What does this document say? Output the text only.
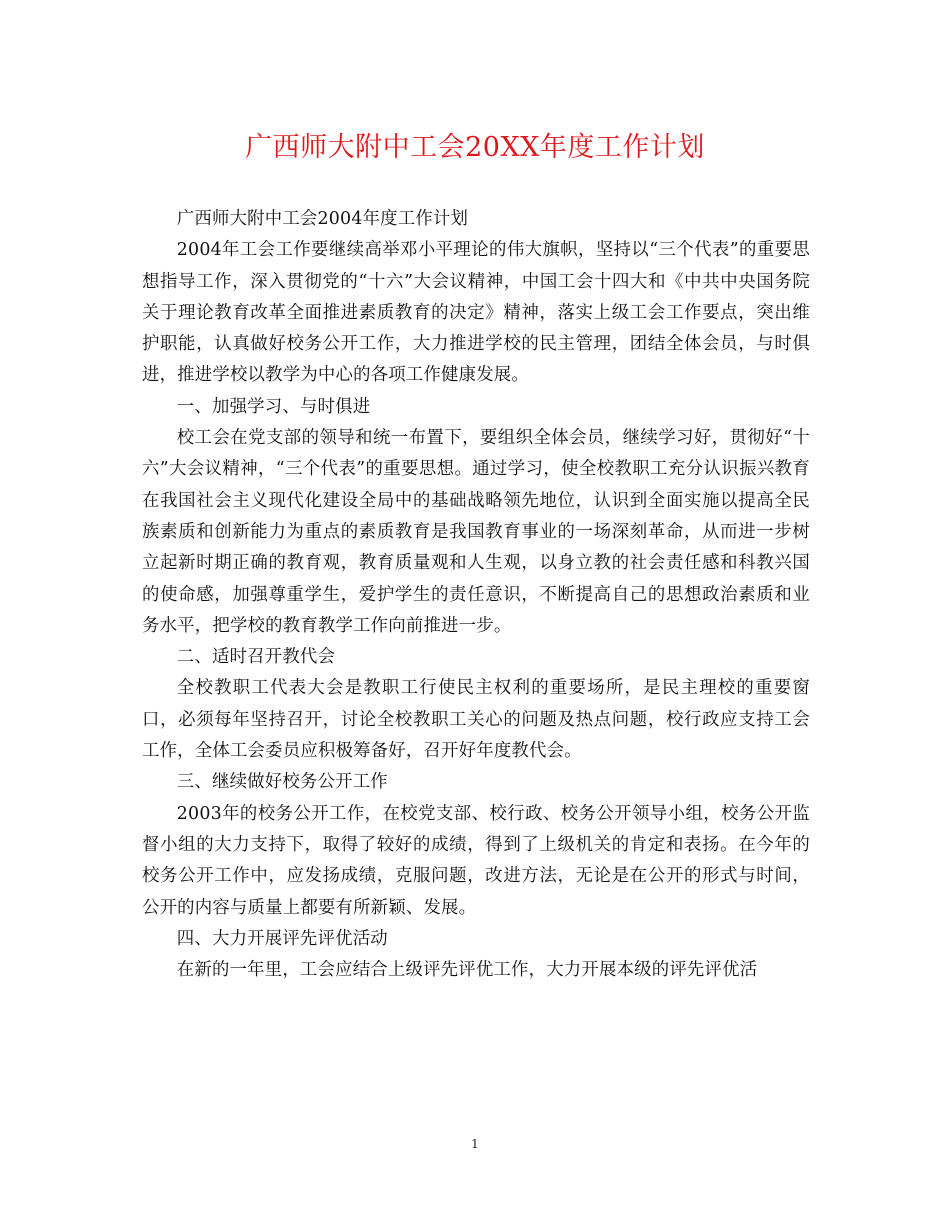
广西师大附中工会20XX年度工作计划

广西师大附中工会2004年度工作计划

2004年工会工作要继续高举邓小平理论的伟大旗帜，坚持以“三个代表”的重要思想指导工作，深入贯彻党的“十六”大会议精神，中国工会十四大和《中共中央国务院关于理论教育改革全面推进素质教育的决定》精神，落实上级工会工作要点，突出维护职能，认真做好校务公开工作，大力推进学校的民主管理，团结全体会员，与时俱进，推进学校以教学为中心的各项工作健康发展。

一、加强学习、与时俱进

校工会在党支部的领导和统一布置下，要组织全体会员，继续学习好，贯彻好“十六”大会议精神，“三个代表”的重要思想。通过学习，使全校教职工充分认识振兴教育在我国社会主义现代化建设全局中的基础战略领先地位，认识到全面实施以提高全民族素质和创新能力为重点的素质教育是我国教育事业的一场深刻革命，从而进一步树立起新时期正确的教育观，教育质量观和人生观，以身立教的社会责任感和科教兴国的使命感，加强尊重学生，爱护学生的责任意识，不断提高自己的思想政治素质和业务水平，把学校的教育教学工作向前推进一步。

二、适时召开教代会

全校教职工代表大会是教职工行使民主权利的重要场所，是民主理校的重要窗口，必须每年坚持召开，讨论全校教职工关心的问题及热点问题，校行政应支持工会工作，全体工会委员应积极筹备好，召开好年度教代会。

三、继续做好校务公开工作

2003年的校务公开工作，在校党支部、校行政、校务公开领导小组，校务公开监督小组的大力支持下，取得了较好的成绩，得到了上级机关的肯定和表扬。在今年的校务公开工作中，应发扬成绩，克服问题，改进方法，无论是在公开的形式与时间，公开的内容与质量上都要有所新颖、发展。

四、大力开展评先评优活动

在新的一年里，工会应结合上级评先评优工作，大力开展本级的评先评优活

1
